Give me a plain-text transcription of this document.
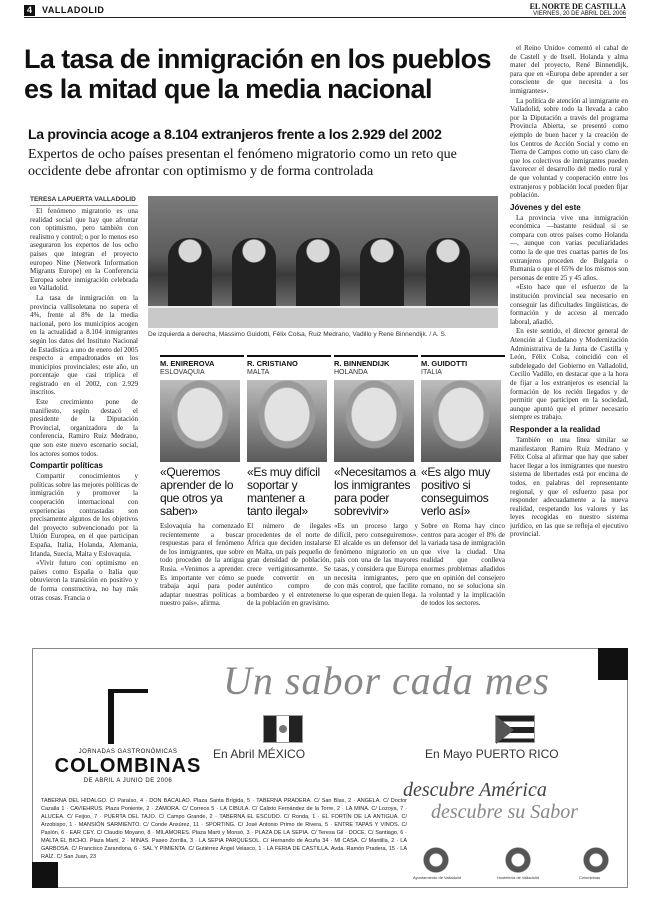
4	VALLADOLID	EL NORTE DE CASTILLA
VIERNES, 20 DE ABRIL DEL 2006
La tasa de inmigración en los pueblos es la mitad que la media nacional
La provincia acoge a 8.104 extranjeros frente a los 2.929 del 2002
Expertos de ocho países presentan el fenómeno migratorio como un reto que occidente debe afrontar con optimismo y de forma controlada

TERESA LAPUERTA VALLADOLID

El fenómeno migratorio es una realidad social que hay que afrontar con optimismo, pero también con realismo y control; o por lo menos eso aseguraron los expertos de los ocho países que integran el proyecto europeo Nine (Network Information Migrants Europe) en la Conferencia Europea sobre inmigración celebrada en Valladolid.

La tasa de inmigración en la provincia vallisoletana no supera el 4%, frente al 8% de la media nacional, pero los municipios acogen en la actualidad a 8.104 inmigrantes según los datos del Instituto Nacional de Estadística a uno de enero del 2005 respecto a empadronados en los municipios provinciales; este año, un porcentaje que casi triplica el registrado en el 2002, con 2.929 inscritos.

Este crecimiento pone de manifiesto, según destacó el presidente de la Diputación Provincial, organizadora de la conferencia, Ramiro Ruiz Medrano, que son este nuevo escenario social, los actores somos todos.

Compartir políticas

Compartir conocimientos y políticas sobre las mejores políticas de inmigración y promover la cooperación internacional con experiencias contrastadas son precisamente algunos de los objetivos del proyecto subvencionado por la Unión Europea, en el que participan España, Italia, Holanda, Alemania, Irlanda, Suecia, Malta y Eslovaquia.

«Vivir futuro con optimismo en países como España o Italia que obtuvieron la transición en positivo y de forma constructiva, no hay más otras cosas. Francia o

De izquierda a derecha, Massimo Guidotti, Félix Colsa, Ruiz Medrano, Vadillo y Rene Binnendijk. / A. S.
M. ENIREROVA
ESLOVAQUIA
«Queremos aprender de lo que otros ya saben»
Eslovaquia ha comenzado recientemente a buscar respuestas para el fenómeno de los inmigrantes, que sobre todo proceden de la antigua Rusia. «Venimos a aprender. Es importante ver cómo se trabaja aquí para poder adaptar nuestras políticas a nuestro país», afirma.
R. CRISTIANO
MALTA
«Es muy difícil soportar y mantener a tanto ilegal»
El número de ilegales procedentes de el norte de África que deciden instalarse en Malta, un país pequeño de gran densidad de población, crece vertiginosamente. Se puede convertir en un auténtico compro de bombardeo y el entretenerse de la población en gravísimo.
R. BINNENDIJK
HOLANDA
«Necesitamos a los inmigrantes para poder sobrevivir»
«Es un proceso largo y difícil, pero conseguiremos». El alcalde es un defensor del fenómeno migratorio en un país con una de las mayores tasas, y considera que Europa necesita inmigrantes, pero con más control, que facilite lo que esperan de quien llega.
M. GUIDOTTI
ITALIA
«Es algo muy positivo si conseguimos verlo así»
Sobre en Roma hay cinco centros para acoger el 8% de la variada tasa de inmigración que vive la ciudad. Una realidad que conlleva enormes problemas añadidos que en opinión del consejero romano, no se soluciona sin la voluntad y la implicación de todos los sectores.

el Reino Unido» comentó el cabal de de Castell y de Itsell. Holanda y alma mater del proyecto, René Binnendijk, para que en «Europa debe aprender a ser consciente de que necesita a los inmigrantes».

La política de atención al inmigrante en Valladolid, sobre todo la llevada a cabo por la Diputación a través del programa Provincia Abierta, se presentó como ejemplo de buen hacer y la creación de los Centros de Acción Social y como en Tierra de Campos como un caso claro de que los colectivos de inmigrantes pueden favorecer el desarrollo del medio rural y de que voluntad y cooperación entre los extranjeros y población local pueden fijar población.

Jóvenes y del este

La provincia vive una inmigración económica —bastante residual si se compara con otros países como Holanda—, aunque con varias peculiaridades como la de que tres cuartas partes de los extranjeros proceden de Bulgaria o Rumanía o que el 65% de los mismos son personas de entre 25 y 45 años.

«Esto hace que el esfuerzo de la institución provincial sea necesario en conseguir las dificultades lingüísticas, de formación y de acceso al mercado laboral, añadió.

En este sentido, el director general de Atención al Ciudadano y Modernización Administrativa de la Junta de Castilla y León, Félix Colsa, coincidió con el subdelegado del Gobierno en Valladolid, Cecilio Vadillo, en destacar que a la hora de fijar a los extranjeros es esencial la formación de los recién llegados y de permitir que participen en la sociedad, aunque apuntó que el primer necesario siempre es trabajo.

Responder a la realidad

También en una línea similar se manifestaron Ramiro Ruiz Medrano y Félix Colsa al afirmar que hay que saber hacer llegar a los inmigrantes que nuestro sistema de libertades está por encima de todos, en palabras del representante regional, y que el esfuerzo pasa por responder adecuadamente a la nueva realidad, respetando los valores y las leyes recogidas en nuestro sistema jurídico, en las que se refleja el ejecutivo provincial.

Un sabor cada mes
JORNADAS GASTRONÓMICAS
COLOMBINAS
DE ABRIL A JUNIO DE 2006
En Abril MÉXICO	En Mayo PUERTO RICO
descubre América
descubre su Sabor
TABERNA DEL HIDALGO. C/ Paraíso, 4 · DON BACALAO. Plaza Santa Brígida, 5 · TABERNA PRADERA. C/ San Blas, 2 · ANGELA. C/ Doctor Cazalla 1 · CAVIEHRUS. Plaza Poniente, 2 · ZAMORA. C/ Correos 5 · LA CIBULA. C/ Calixto Fernández de la Torre, 2 · LA MINA. C/ Lozoya, 7 · ALUCEA. C/ Feijoo, 7 · PUERTA DEL TAJO. C/ Campo Grande, 2 · TABERNA EL ESCUDO. C/ Ronda, 1 · EL FORTÍN DE LA ANTIGUA. C/ Arzobispo, 1 · MANSIÓN SARMIENTO. C/ Conde Ansúrez, 11 · SPORTING. C/ José Antonio Primo de Rivera, 5 · ENTRE TAPAS Y VINOS. C/ Pasión, 6 · EAR CEY. C/ Claudio Moyano, 8 · MILAMORES. Plaza Martí y Monsó, 3 · PLAZA DE LA SEPIA. C/ Teresa Gil · DOCE. C/ Santiago, 6 · MALTA EL BICHO. Plaza Martí, 2 · MINAS. Paseo Zorrilla, 3 · LA SEPIA PARQUESOL. C/ Hernando de Acuña 34 · MI CASA. C/ Mantilla, 2 · LA GARBOSA. C/ Francisco Zarandona, 6 · SAL Y PIMIENTA. C/ Gutiérrez Ángel Velasco, 1 · LA FERIA DE CASTILLA. Avda. Ramón Pradera, 15 · LA RAÍZ. C/ San Juan, 23
Ayuntamiento de Valladolid	Hostelería de Valladolid	Colombinas
